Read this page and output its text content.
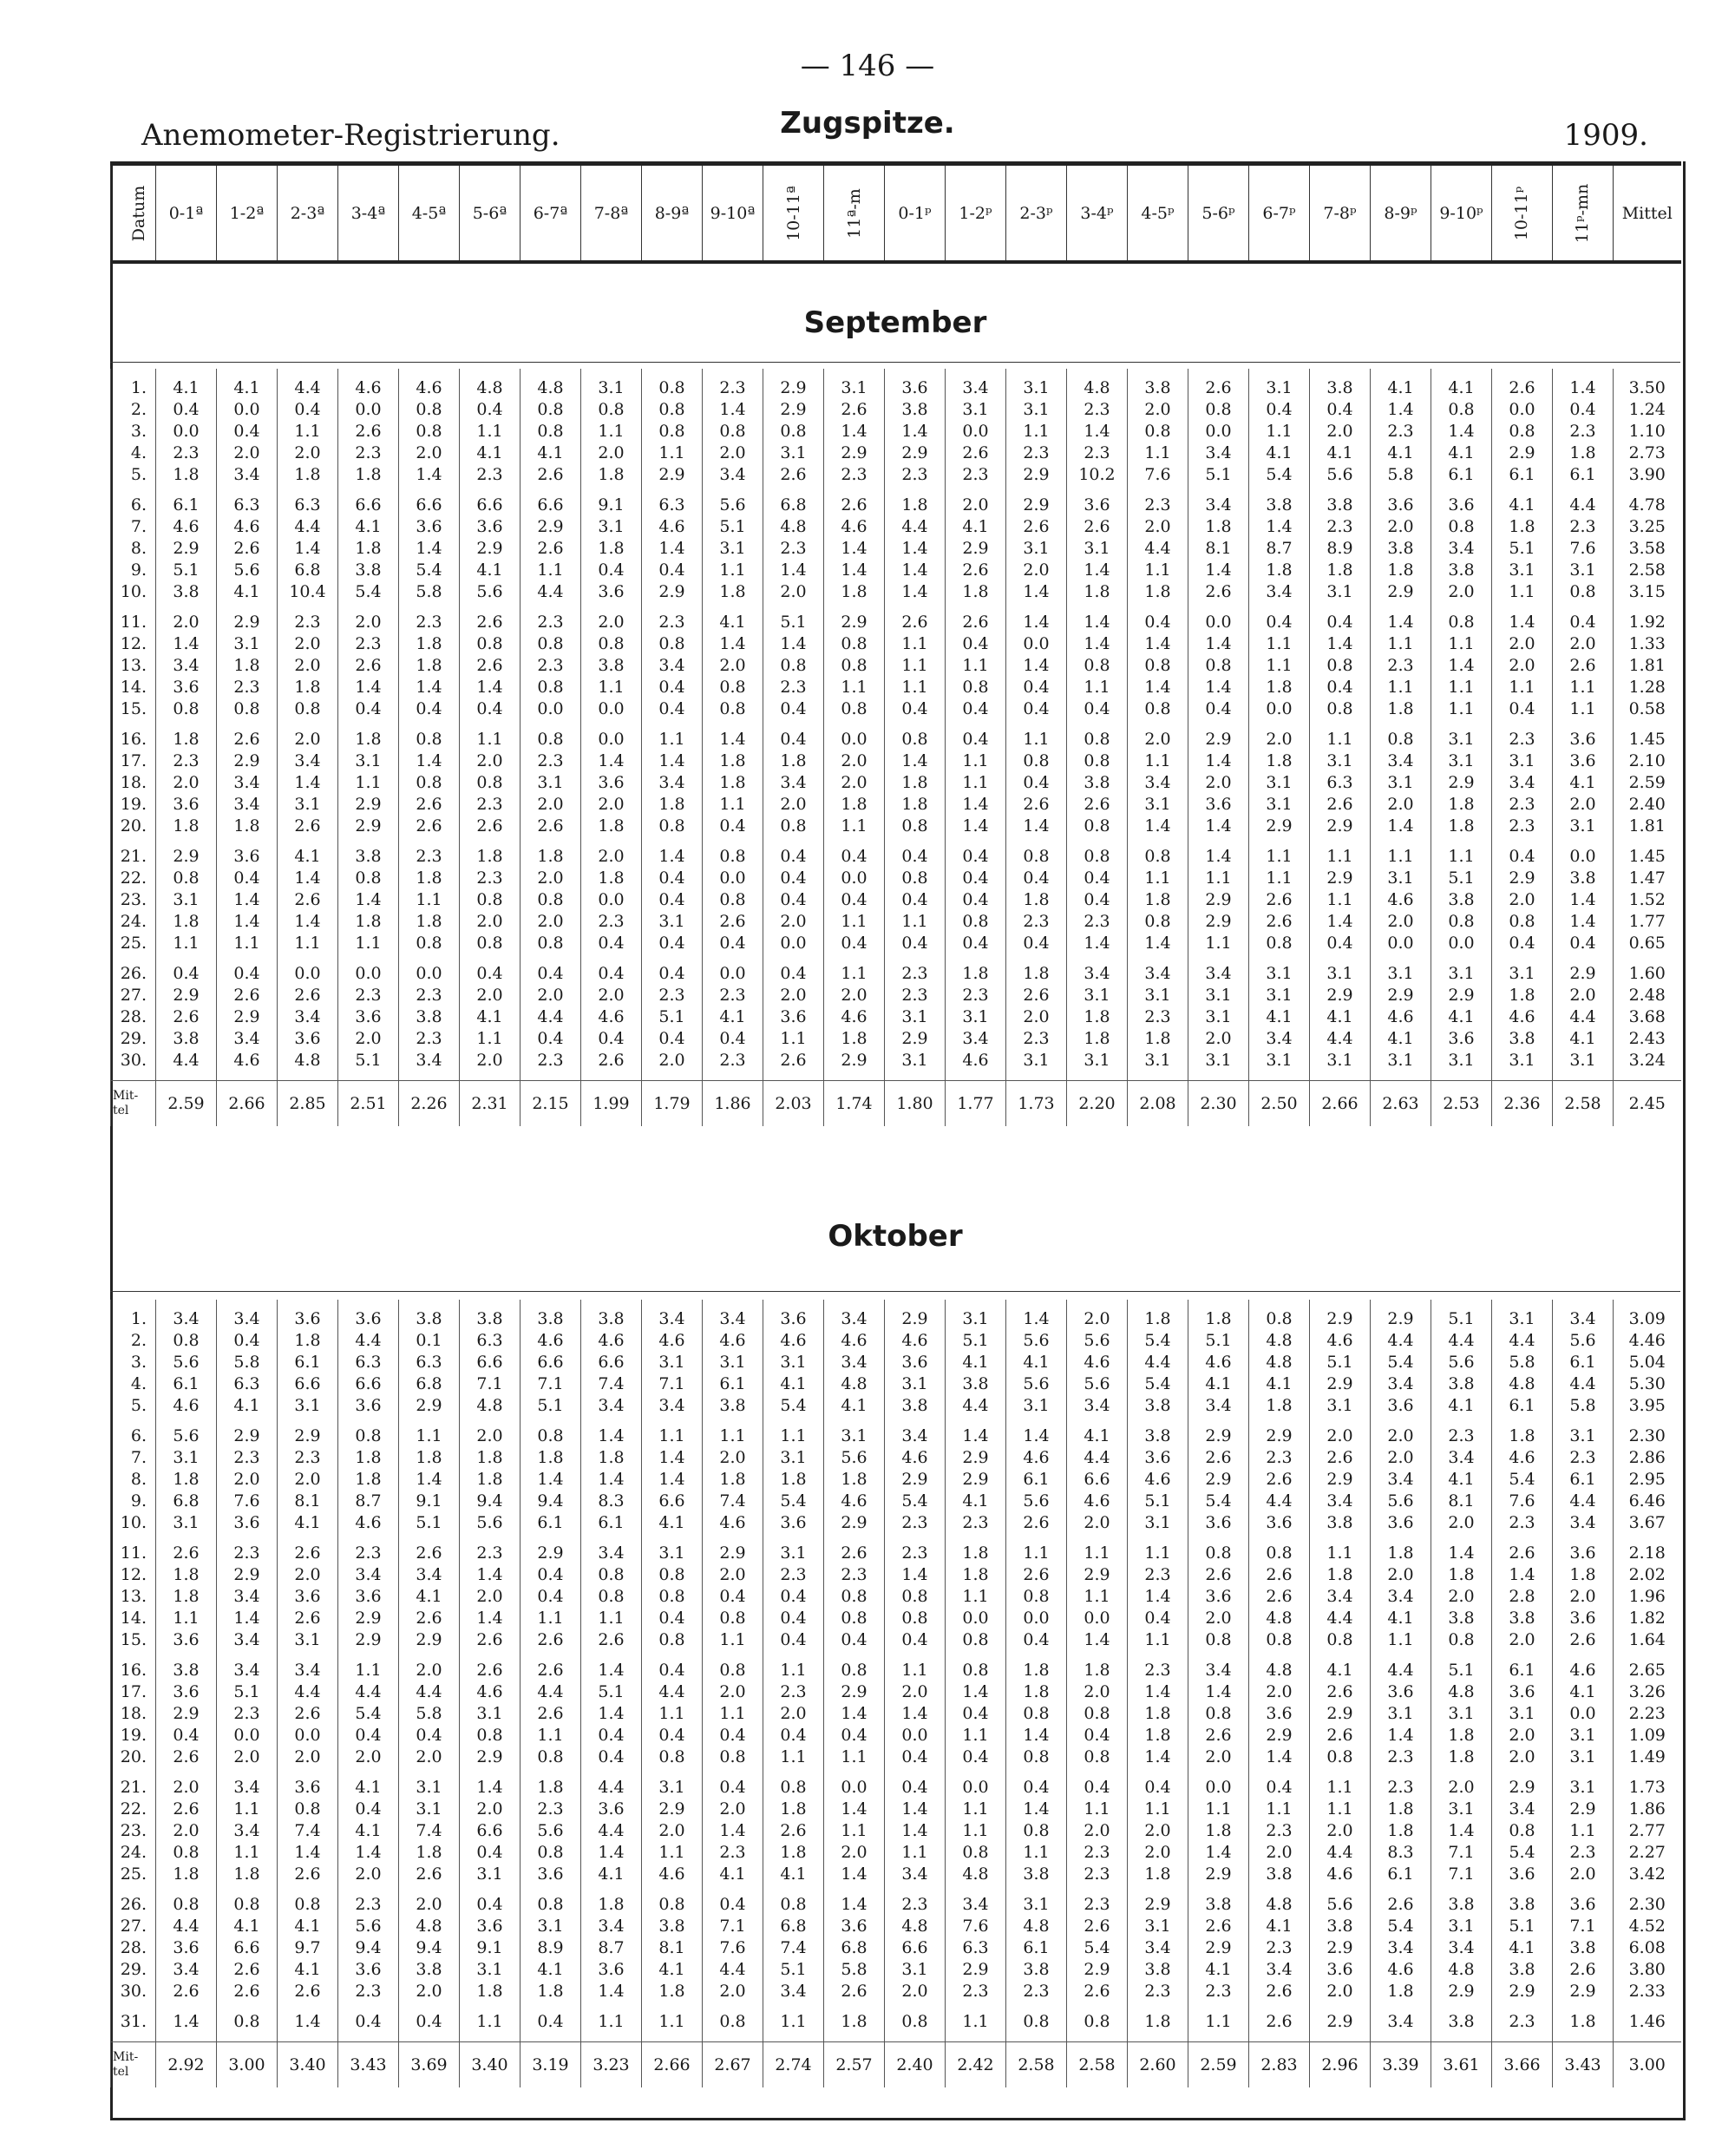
— 146 —
Anemometer-Registrierung.	Zugspitze.	1909.
Datum	0-1ª	1-2ª	2-3ª	3-4ª	4-5ª	5-6ª	6-7ª	7-8ª	8-9ª	9-10ª	10-11ª	11ª-m	0-1ᵖ	1-2ᵖ	2-3ᵖ	3-4ᵖ	4-5ᵖ	5-6ᵖ	6-7ᵖ	7-8ᵖ	8-9ᵖ	9-10ᵖ	10-11ᵖ	11ᵖ-mn	Mittel
September

1.	4.1	4.1	4.4	4.6	4.6	4.8	4.8	3.1	0.8	2.3	2.9	3.1	3.6	3.4	3.1	4.8	3.8	2.6	3.1	3.8	4.1	4.1	2.6	1.4	3.50
2.	0.4	0.0	0.4	0.0	0.8	0.4	0.8	0.8	0.8	1.4	2.9	2.6	3.8	3.1	3.1	2.3	2.0	0.8	0.4	0.4	1.4	0.8	0.0	0.4	1.24
3.	0.0	0.4	1.1	2.6	0.8	1.1	0.8	1.1	0.8	0.8	0.8	1.4	1.4	0.0	1.1	1.4	0.8	0.0	1.1	2.0	2.3	1.4	0.8	2.3	1.10
4.	2.3	2.0	2.0	2.3	2.0	4.1	4.1	2.0	1.1	2.0	3.1	2.9	2.9	2.6	2.3	2.3	1.1	3.4	4.1	4.1	4.1	4.1	2.9	1.8	2.73
5.	1.8	3.4	1.8	1.8	1.4	2.3	2.6	1.8	2.9	3.4	2.6	2.3	2.3	2.3	2.9	10.2	7.6	5.1	5.4	5.6	5.8	6.1	6.1	6.1	3.90

6.	6.1	6.3	6.3	6.6	6.6	6.6	6.6	9.1	6.3	5.6	6.8	2.6	1.8	2.0	2.9	3.6	2.3	3.4	3.8	3.8	3.6	3.6	4.1	4.4	4.78
7.	4.6	4.6	4.4	4.1	3.6	3.6	2.9	3.1	4.6	5.1	4.8	4.6	4.4	4.1	2.6	2.6	2.0	1.8	1.4	2.3	2.0	0.8	1.8	2.3	3.25
8.	2.9	2.6	1.4	1.8	1.4	2.9	2.6	1.8	1.4	3.1	2.3	1.4	1.4	2.9	3.1	3.1	4.4	8.1	8.7	8.9	3.8	3.4	5.1	7.6	3.58
9.	5.1	5.6	6.8	3.8	5.4	4.1	1.1	0.4	0.4	1.1	1.4	1.4	1.4	2.6	2.0	1.4	1.1	1.4	1.8	1.8	1.8	3.8	3.1	3.1	2.58
10.	3.8	4.1	10.4	5.4	5.8	5.6	4.4	3.6	2.9	1.8	2.0	1.8	1.4	1.8	1.4	1.8	1.8	2.6	3.4	3.1	2.9	2.0	1.1	0.8	3.15

11.	2.0	2.9	2.3	2.0	2.3	2.6	2.3	2.0	2.3	4.1	5.1	2.9	2.6	2.6	1.4	1.4	0.4	0.0	0.4	0.4	1.4	0.8	1.4	0.4	1.92
12.	1.4	3.1	2.0	2.3	1.8	0.8	0.8	0.8	0.8	1.4	1.4	0.8	1.1	0.4	0.0	1.4	1.4	1.4	1.1	1.4	1.1	1.1	2.0	2.0	1.33
13.	3.4	1.8	2.0	2.6	1.8	2.6	2.3	3.8	3.4	2.0	0.8	0.8	1.1	1.1	1.4	0.8	0.8	0.8	1.1	0.8	2.3	1.4	2.0	2.6	1.81
14.	3.6	2.3	1.8	1.4	1.4	1.4	0.8	1.1	0.4	0.8	2.3	1.1	1.1	0.8	0.4	1.1	1.4	1.4	1.8	0.4	1.1	1.1	1.1	1.1	1.28
15.	0.8	0.8	0.8	0.4	0.4	0.4	0.0	0.0	0.4	0.8	0.4	0.8	0.4	0.4	0.4	0.4	0.8	0.4	0.0	0.8	1.8	1.1	0.4	1.1	0.58

16.	1.8	2.6	2.0	1.8	0.8	1.1	0.8	0.0	1.1	1.4	0.4	0.0	0.8	0.4	1.1	0.8	2.0	2.9	2.0	1.1	0.8	3.1	2.3	3.6	1.45
17.	2.3	2.9	3.4	3.1	1.4	2.0	2.3	1.4	1.4	1.8	1.8	2.0	1.4	1.1	0.8	0.8	1.1	1.4	1.8	3.1	3.4	3.1	3.1	3.6	2.10
18.	2.0	3.4	1.4	1.1	0.8	0.8	3.1	3.6	3.4	1.8	3.4	2.0	1.8	1.1	0.4	3.8	3.4	2.0	3.1	6.3	3.1	2.9	3.4	4.1	2.59
19.	3.6	3.4	3.1	2.9	2.6	2.3	2.0	2.0	1.8	1.1	2.0	1.8	1.8	1.4	2.6	2.6	3.1	3.6	3.1	2.6	2.0	1.8	2.3	2.0	2.40
20.	1.8	1.8	2.6	2.9	2.6	2.6	2.6	1.8	0.8	0.4	0.8	1.1	0.8	1.4	1.4	0.8	1.4	1.4	2.9	2.9	1.4	1.8	2.3	3.1	1.81

21.	2.9	3.6	4.1	3.8	2.3	1.8	1.8	2.0	1.4	0.8	0.4	0.4	0.4	0.4	0.8	0.8	0.8	1.4	1.1	1.1	1.1	1.1	0.4	0.0	1.45
22.	0.8	0.4	1.4	0.8	1.8	2.3	2.0	1.8	0.4	0.0	0.4	0.0	0.8	0.4	0.4	0.4	1.1	1.1	1.1	2.9	3.1	5.1	2.9	3.8	1.47
23.	3.1	1.4	2.6	1.4	1.1	0.8	0.8	0.0	0.4	0.8	0.4	0.4	0.4	0.4	1.8	0.4	1.8	2.9	2.6	1.1	4.6	3.8	2.0	1.4	1.52
24.	1.8	1.4	1.4	1.8	1.8	2.0	2.0	2.3	3.1	2.6	2.0	1.1	1.1	0.8	2.3	2.3	0.8	2.9	2.6	1.4	2.0	0.8	0.8	1.4	1.77
25.	1.1	1.1	1.1	1.1	0.8	0.8	0.8	0.4	0.4	0.4	0.0	0.4	0.4	0.4	0.4	1.4	1.4	1.1	0.8	0.4	0.0	0.0	0.4	0.4	0.65

26.	0.4	0.4	0.0	0.0	0.0	0.4	0.4	0.4	0.4	0.0	0.4	1.1	2.3	1.8	1.8	3.4	3.4	3.4	3.1	3.1	3.1	3.1	3.1	2.9	1.60
27.	2.9	2.6	2.6	2.3	2.3	2.0	2.0	2.0	2.3	2.3	2.0	2.0	2.3	2.3	2.6	3.1	3.1	3.1	3.1	2.9	2.9	2.9	1.8	2.0	2.48
28.	2.6	2.9	3.4	3.6	3.8	4.1	4.4	4.6	5.1	4.1	3.6	4.6	3.1	3.1	2.0	1.8	2.3	3.1	4.1	4.1	4.6	4.1	4.6	4.4	3.68
29.	3.8	3.4	3.6	2.0	2.3	1.1	0.4	0.4	0.4	0.4	1.1	1.8	2.9	3.4	2.3	1.8	1.8	2.0	3.4	4.4	4.1	3.6	3.8	4.1	2.43
30.	4.4	4.6	4.8	5.1	3.4	2.0	2.3	2.6	2.0	2.3	2.6	2.9	3.1	4.6	3.1	3.1	3.1	3.1	3.1	3.1	3.1	3.1	3.1	3.1	3.24

Mit-tel	2.59	2.66	2.85	2.51	2.26	2.31	2.15	1.99	1.79	1.86	2.03	1.74	1.80	1.77	1.73	2.20	2.08	2.30	2.50	2.66	2.63	2.53	2.36	2.58	2.45
Oktober

1.	3.4	3.4	3.6	3.6	3.8	3.8	3.8	3.8	3.4	3.4	3.6	3.4	2.9	3.1	1.4	2.0	1.8	1.8	0.8	2.9	2.9	5.1	3.1	3.4	3.09
2.	0.8	0.4	1.8	4.4	0.1	6.3	4.6	4.6	4.6	4.6	4.6	4.6	4.6	5.1	5.6	5.6	5.4	5.1	4.8	4.6	4.4	4.4	4.4	5.6	4.46
3.	5.6	5.8	6.1	6.3	6.3	6.6	6.6	6.6	3.1	3.1	3.1	3.4	3.6	4.1	4.1	4.6	4.4	4.6	4.8	5.1	5.4	5.6	5.8	6.1	5.04
4.	6.1	6.3	6.6	6.6	6.8	7.1	7.1	7.4	7.1	6.1	4.1	4.8	3.1	3.8	5.6	5.6	5.4	4.1	4.1	2.9	3.4	3.8	4.8	4.4	5.30
5.	4.6	4.1	3.1	3.6	2.9	4.8	5.1	3.4	3.4	3.8	5.4	4.1	3.8	4.4	3.1	3.4	3.8	3.4	1.8	3.1	3.6	4.1	6.1	5.8	3.95

6.	5.6	2.9	2.9	0.8	1.1	2.0	0.8	1.4	1.1	1.1	1.1	3.1	3.4	1.4	1.4	4.1	3.8	2.9	2.9	2.0	2.0	2.3	1.8	3.1	2.30
7.	3.1	2.3	2.3	1.8	1.8	1.8	1.8	1.8	1.4	2.0	3.1	5.6	4.6	2.9	4.6	4.4	3.6	2.6	2.3	2.6	2.0	3.4	4.6	2.3	2.86
8.	1.8	2.0	2.0	1.8	1.4	1.8	1.4	1.4	1.4	1.8	1.8	1.8	2.9	2.9	6.1	6.6	4.6	2.9	2.6	2.9	3.4	4.1	5.4	6.1	2.95
9.	6.8	7.6	8.1	8.7	9.1	9.4	9.4	8.3	6.6	7.4	5.4	4.6	5.4	4.1	5.6	4.6	5.1	5.4	4.4	3.4	5.6	8.1	7.6	4.4	6.46
10.	3.1	3.6	4.1	4.6	5.1	5.6	6.1	6.1	4.1	4.6	3.6	2.9	2.3	2.3	2.6	2.0	3.1	3.6	3.6	3.8	3.6	2.0	2.3	3.4	3.67

11.	2.6	2.3	2.6	2.3	2.6	2.3	2.9	3.4	3.1	2.9	3.1	2.6	2.3	1.8	1.1	1.1	1.1	0.8	0.8	1.1	1.8	1.4	2.6	3.6	2.18
12.	1.8	2.9	2.0	3.4	3.4	1.4	0.4	0.8	0.8	2.0	2.3	2.3	1.4	1.8	2.6	2.9	2.3	2.6	2.6	1.8	2.0	1.8	1.4	1.8	2.02
13.	1.8	3.4	3.6	3.6	4.1	2.0	0.4	0.8	0.8	0.4	0.4	0.8	0.8	1.1	0.8	1.1	1.4	3.6	2.6	3.4	3.4	2.0	2.8	2.0	1.96
14.	1.1	1.4	2.6	2.9	2.6	1.4	1.1	1.1	0.4	0.8	0.4	0.8	0.8	0.0	0.0	0.0	0.4	2.0	4.8	4.4	4.1	3.8	3.8	3.6	1.82
15.	3.6	3.4	3.1	2.9	2.9	2.6	2.6	2.6	0.8	1.1	0.4	0.4	0.4	0.8	0.4	1.4	1.1	0.8	0.8	0.8	1.1	0.8	2.0	2.6	1.64

16.	3.8	3.4	3.4	1.1	2.0	2.6	2.6	1.4	0.4	0.8	1.1	0.8	1.1	0.8	1.8	1.8	2.3	3.4	4.8	4.1	4.4	5.1	6.1	4.6	2.65
17.	3.6	5.1	4.4	4.4	4.4	4.6	4.4	5.1	4.4	2.0	2.3	2.9	2.0	1.4	1.8	2.0	1.4	1.4	2.0	2.6	3.6	4.8	3.6	4.1	3.26
18.	2.9	2.3	2.6	5.4	5.8	3.1	2.6	1.4	1.1	1.1	2.0	1.4	1.4	0.4	0.8	0.8	1.8	0.8	3.6	2.9	3.1	3.1	3.1	0.0	2.23
19.	0.4	0.0	0.0	0.4	0.4	0.8	1.1	0.4	0.4	0.4	0.4	0.4	0.0	1.1	1.4	0.4	1.8	2.6	2.9	2.6	1.4	1.8	2.0	3.1	1.09
20.	2.6	2.0	2.0	2.0	2.0	2.9	0.8	0.4	0.8	0.8	1.1	1.1	0.4	0.4	0.8	0.8	1.4	2.0	1.4	0.8	2.3	1.8	2.0	3.1	1.49

21.	2.0	3.4	3.6	4.1	3.1	1.4	1.8	4.4	3.1	0.4	0.8	0.0	0.4	0.0	0.4	0.4	0.4	0.0	0.4	1.1	2.3	2.0	2.9	3.1	1.73
22.	2.6	1.1	0.8	0.4	3.1	2.0	2.3	3.6	2.9	2.0	1.8	1.4	1.4	1.1	1.4	1.1	1.1	1.1	1.1	1.1	1.8	3.1	3.4	2.9	1.86
23.	2.0	3.4	7.4	4.1	7.4	6.6	5.6	4.4	2.0	1.4	2.6	1.1	1.4	1.1	0.8	2.0	2.0	1.8	2.3	2.0	1.8	1.4	0.8	1.1	2.77
24.	0.8	1.1	1.4	1.4	1.8	0.4	0.8	1.4	1.1	2.3	1.8	2.0	1.1	0.8	1.1	2.3	2.0	1.4	2.0	4.4	8.3	7.1	5.4	2.3	2.27
25.	1.8	1.8	2.6	2.0	2.6	3.1	3.6	4.1	4.6	4.1	4.1	1.4	3.4	4.8	3.8	2.3	1.8	2.9	3.8	4.6	6.1	7.1	3.6	2.0	3.42

26.	0.8	0.8	0.8	2.3	2.0	0.4	0.8	1.8	0.8	0.4	0.8	1.4	2.3	3.4	3.1	2.3	2.9	3.8	4.8	5.6	2.6	3.8	3.8	3.6	2.30
27.	4.4	4.1	4.1	5.6	4.8	3.6	3.1	3.4	3.8	7.1	6.8	3.6	4.8	7.6	4.8	2.6	3.1	2.6	4.1	3.8	5.4	3.1	5.1	7.1	4.52
28.	3.6	6.6	9.7	9.4	9.4	9.1	8.9	8.7	8.1	7.6	7.4	6.8	6.6	6.3	6.1	5.4	3.4	2.9	2.3	2.9	3.4	3.4	4.1	3.8	6.08
29.	3.4	2.6	4.1	3.6	3.8	3.1	4.1	3.6	4.1	4.4	5.1	5.8	3.1	2.9	3.8	2.9	3.8	4.1	3.4	3.6	4.6	4.8	3.8	2.6	3.80
30.	2.6	2.6	2.6	2.3	2.0	1.8	1.8	1.4	1.8	2.0	3.4	2.6	2.0	2.3	2.3	2.6	2.3	2.3	2.6	2.0	1.8	2.9	2.9	2.9	2.33

31.	1.4	0.8	1.4	0.4	0.4	1.1	0.4	1.1	1.1	0.8	1.1	1.8	0.8	1.1	0.8	0.8	1.8	1.1	2.6	2.9	3.4	3.8	2.3	1.8	1.46

Mit-tel	2.92	3.00	3.40	3.43	3.69	3.40	3.19	3.23	2.66	2.67	2.74	2.57	2.40	2.42	2.58	2.58	2.60	2.59	2.83	2.96	3.39	3.61	3.66	3.43	3.00
